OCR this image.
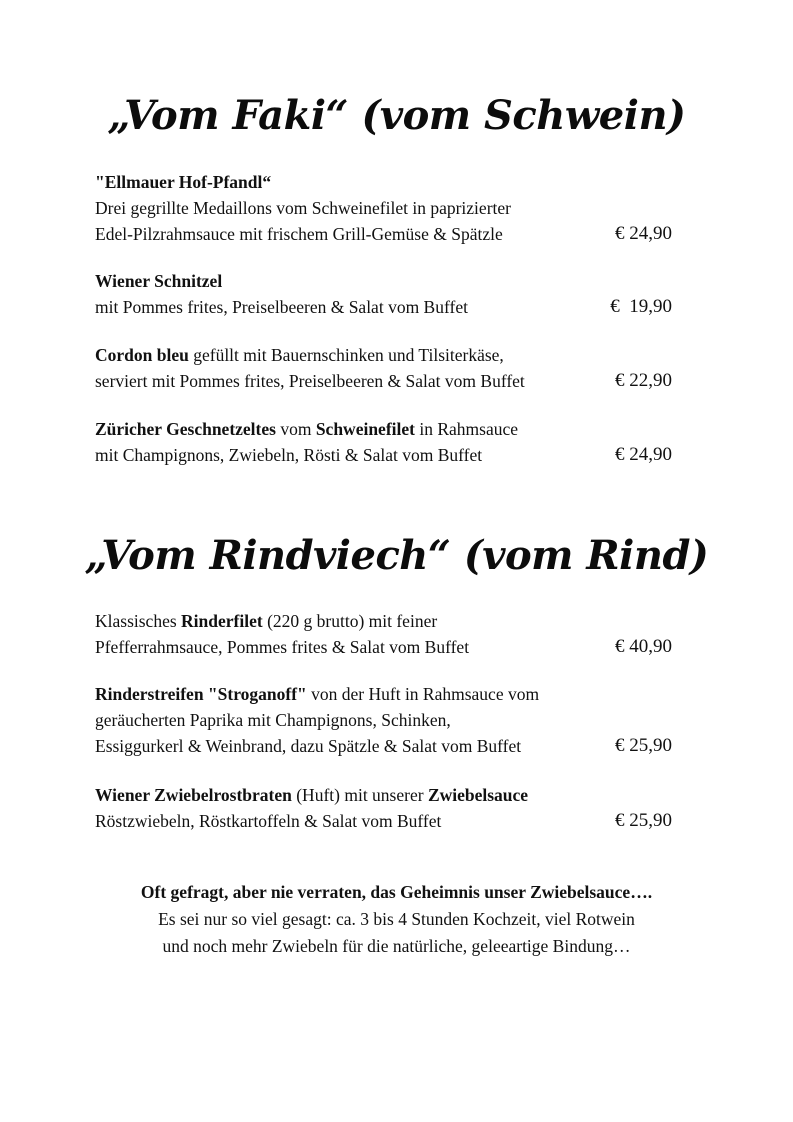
„Vom Faki“ (vom Schwein)
"Ellmauer Hof-Pfandl“
Drei gegrillte Medaillons vom Schweinefilet in paprizierter
Edel-Pilzrahmsauce mit frischem Grill-Gemüse & Spätzle	€ 24,90
Wiener Schnitzel
mit Pommes frites, Preiselbeeren & Salat vom Buffet	€  19,90
Cordon bleu gefüllt mit Bauernschinken und Tilsiterkäse,
serviert mit Pommes frites, Preiselbeeren & Salat vom Buffet	€ 22,90
Züricher Geschnetzeltes vom Schweinefilet in Rahmsauce
mit Champignons, Zwiebeln, Rösti & Salat vom Buffet	€ 24,90
„Vom Rindviech“ (vom Rind)
Klassisches Rinderfilet (220 g brutto) mit feiner
Pfefferrahmsauce, Pommes frites & Salat vom Buffet	€ 40,90
Rinderstreifen "Stroganoff" von der Huft in Rahmsauce vom
geräucherten Paprika mit Champignons, Schinken,
Essiggurkerl & Weinbrand, dazu Spätzle & Salat vom Buffet	€ 25,90
Wiener Zwiebelrostbraten (Huft) mit unserer Zwiebelsauce
Röstzwiebeln, Röstkartoffeln & Salat vom Buffet	€ 25,90
Oft gefragt, aber nie verraten, das Geheimnis unser Zwiebelsauce….
Es sei nur so viel gesagt: ca. 3 bis 4 Stunden Kochzeit, viel Rotwein
und noch mehr Zwiebeln für die natürliche, geleeartige Bindung…
